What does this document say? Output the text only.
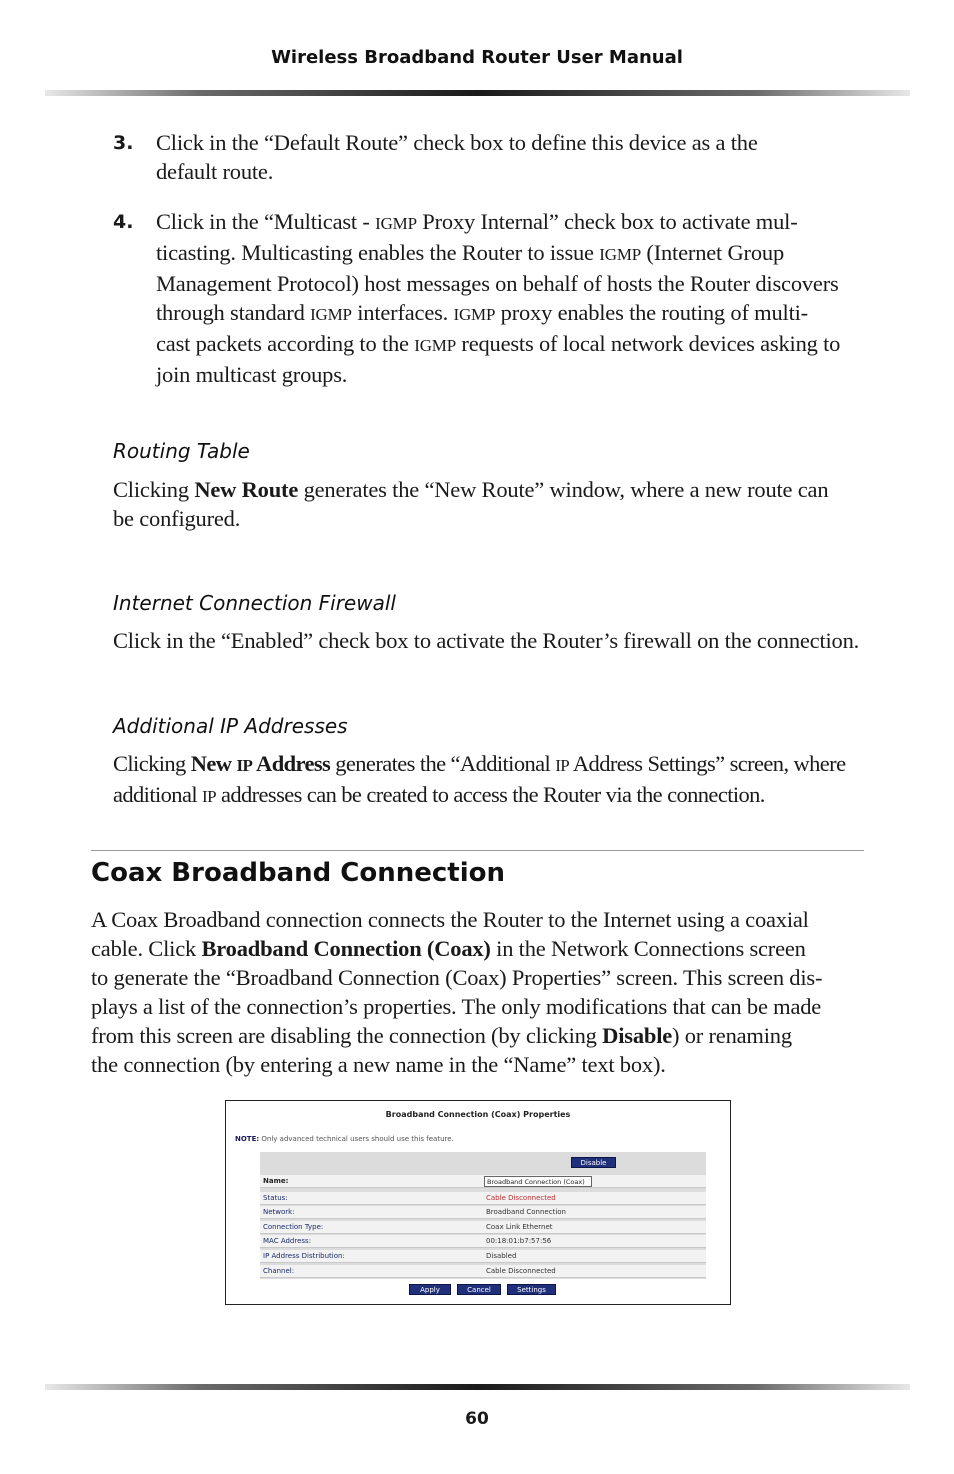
Wireless Broadband Router User Manual
3. Click in the “Default Route” check box to define this device as a the
default route.
4. Click in the “Multicast - IGMP Proxy Internal” check box to activate mul-
ticasting. Multicasting enables the Router to issue IGMP (Internet Group
Management Protocol) host messages on behalf of hosts the Router discovers
through standard IGMP interfaces. IGMP proxy enables the routing of multi-
cast packets according to the IGMP requests of local network devices asking to
join multicast groups.
Routing Table
Clicking New Route generates the “New Route” window, where a new route can
be configured.
Internet Connection Firewall
Click in the “Enabled” check box to activate the Router’s firewall on the connection.
Additional IP Addresses
Clicking New IP Address generates the “Additional IP Address Settings” screen, where
additional IP addresses can be created to access the Router via the connection.
Coax Broadband Connection
A Coax Broadband connection connects the Router to the Internet using a coaxial
cable. Click Broadband Connection (Coax) in the Network Connections screen
to generate the “Broadband Connection (Coax) Properties” screen. This screen dis-
plays a list of the connection’s properties. The only modifications that can be made
from this screen are disabling the connection (by clicking Disable) or renaming
the connection (by entering a new name in the “Name” text box).
Broadband Connection (Coax) Properties
NOTE: Only advanced technical users should use this feature.
Disable
Name:	Broadband Connection (Coax)
Status:	Cable Disconnected
Network:	Broadband Connection
Connection Type:	Coax Link Ethernet
MAC Address:	00:18:01:b7:57:56
IP Address Distribution:	Disabled
Channel:	Cable Disconnected
Apply	Cancel	Settings
60
